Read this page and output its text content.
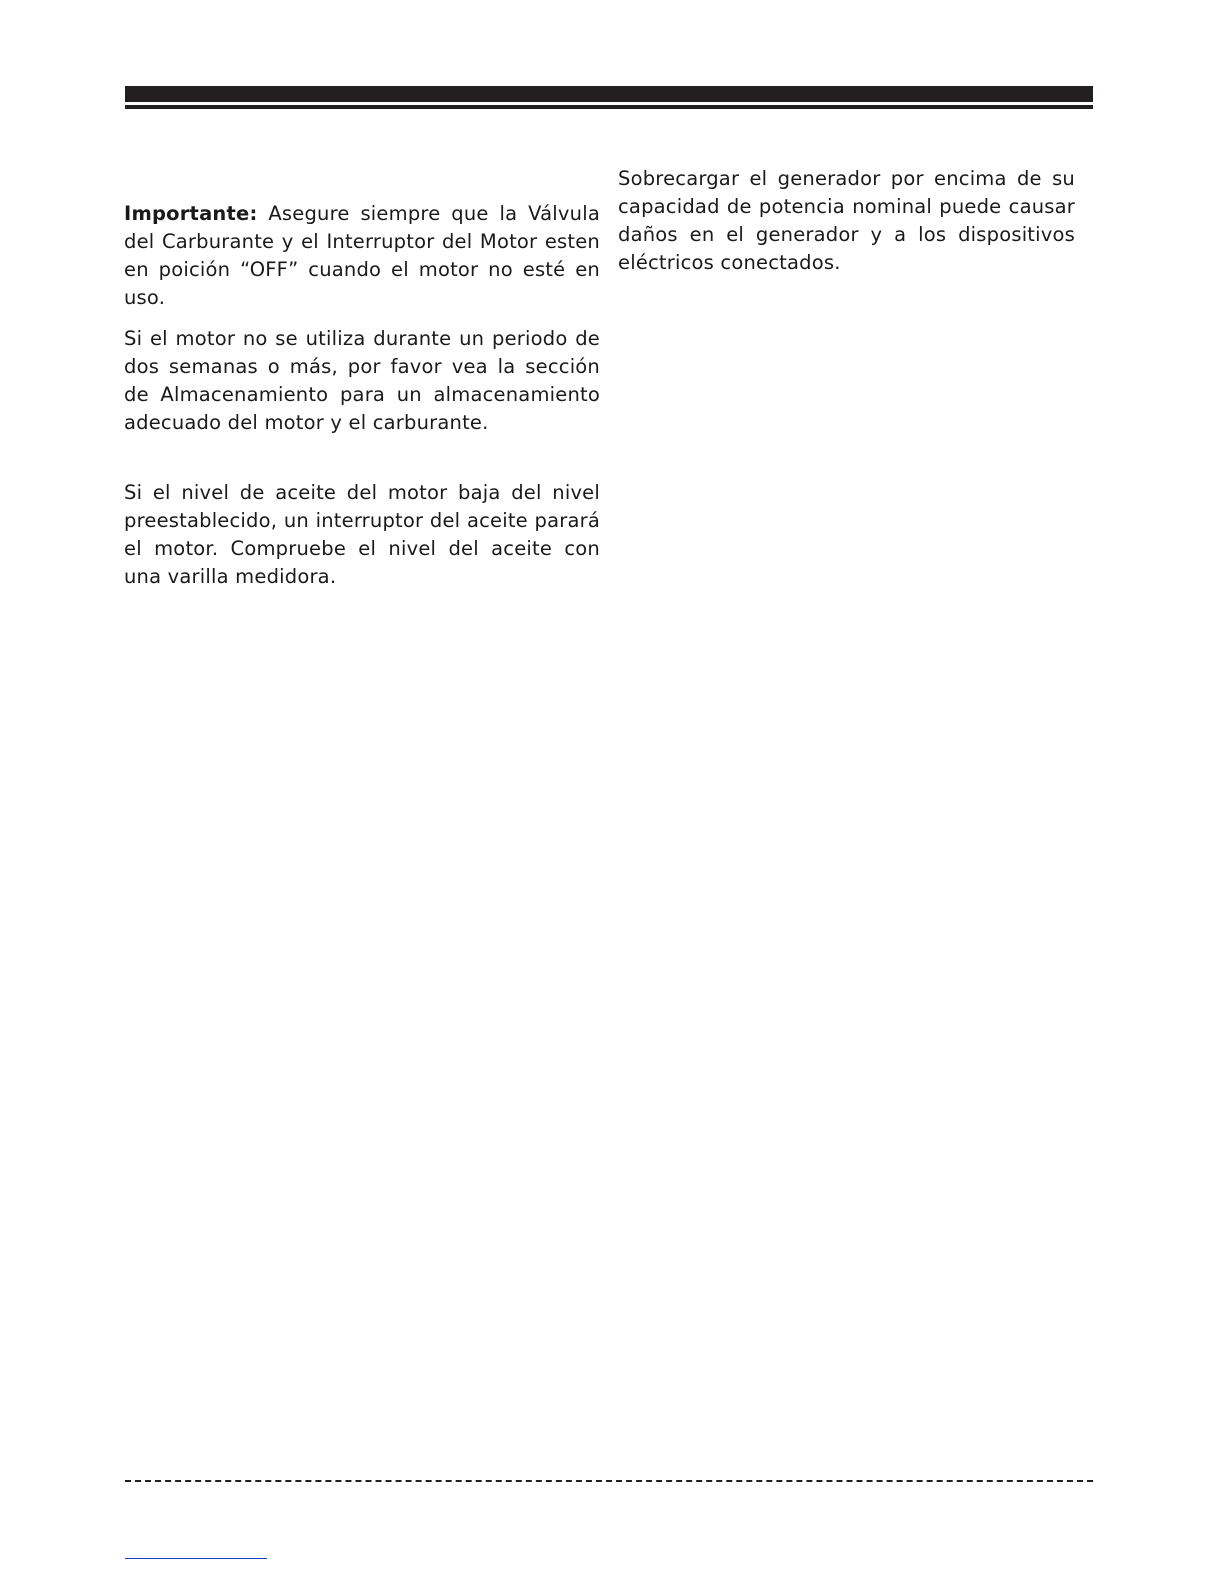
Importante: Asegure siempre que la Válvula del Carburante y el Interruptor del Motor esten en poición “OFF” cuando el motor no esté en uso.

Si el motor no se utiliza durante un periodo de dos semanas o más, por favor vea la sección de Almacenamiento para un almacenamiento adecuado del motor y el carburante.

Si el nivel de aceite del motor baja del nivel preestablecido, un interruptor del aceite parará el motor. Compruebe el nivel del aceite con una varilla medidora.

Sobrecargar el generador por encima de su capacidad de potencia nominal puede causar daños en el generador y a los dispositivos eléctricos conectados.
